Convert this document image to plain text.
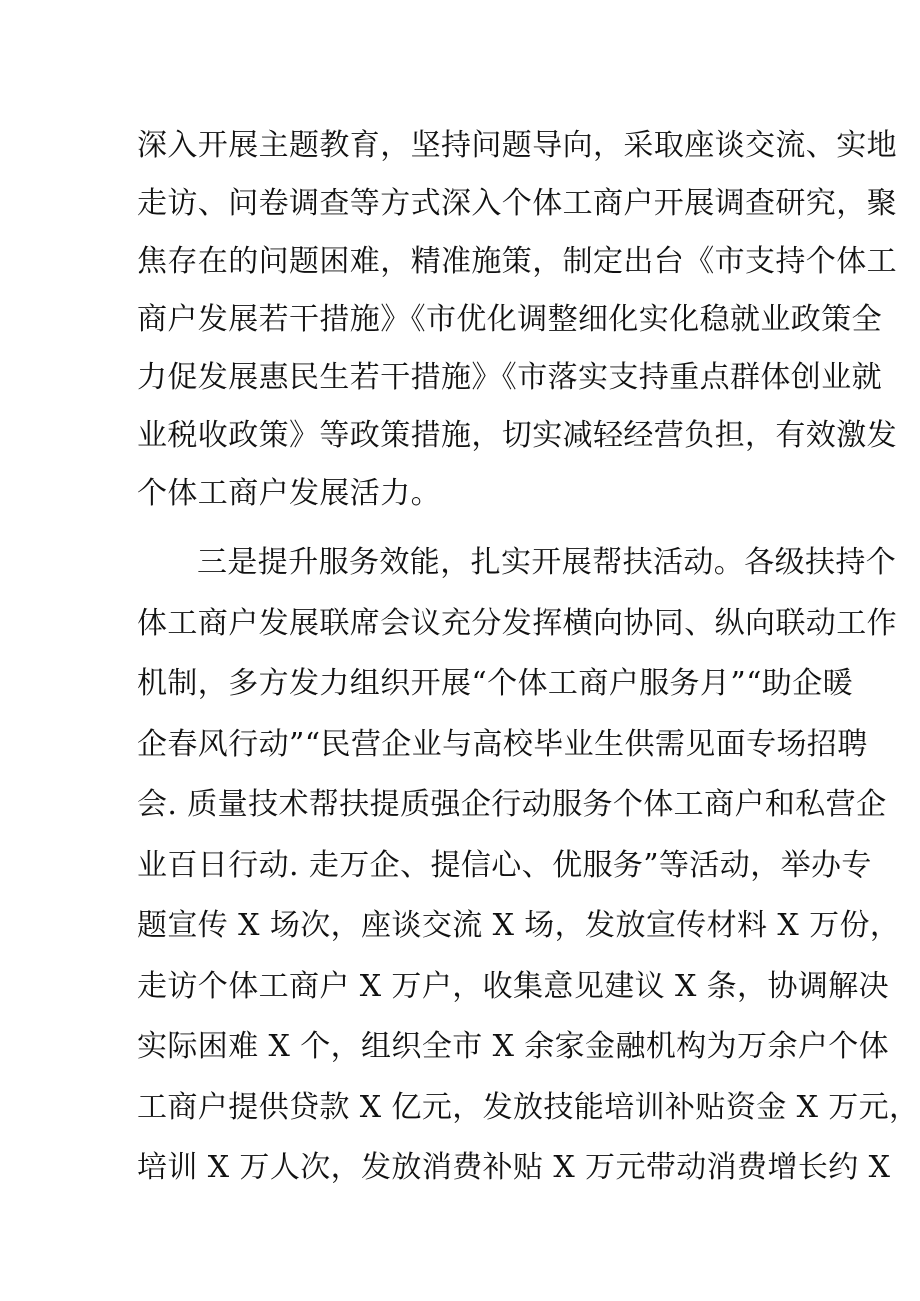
深入开展主题教育，坚持问题导向，采取座谈交流、实地
走访、问卷调查等方式深入个体工商户开展调查研究，聚
焦存在的问题困难，精准施策，制定出台《市支持个体工
商户发展若干措施》《市优化调整细化实化稳就业政策全
力促发展惠民生若干措施》《市落实支持重点群体创业就
业税收政策》等政策措施，切实减轻经营负担，有效激发
个体工商户发展活力。
三是提升服务效能，扎实开展帮扶活动。各级扶持个
体工商户发展联席会议充分发挥横向协同、纵向联动工作
机制，多方发力组织开展“个体工商户服务月”“助企暖
企春风行动”“民营企业与高校毕业生供需见面专场招聘
会. 质量技术帮扶提质强企行动服务个体工商户和私营企
业百日行动. 走万企、提信心、优服务”等活动，举办专
题宣传 X 场次，座谈交流 X 场，发放宣传材料 X 万份，
走访个体工商户 X 万户，收集意见建议 X 条，协调解决
实际困难 X 个，组织全市 X 余家金融机构为万余户个体
工商户提供贷款 X 亿元，发放技能培训补贴资金 X 万元，
培训 X 万人次，发放消费补贴 X 万元带动消费增长约 X
